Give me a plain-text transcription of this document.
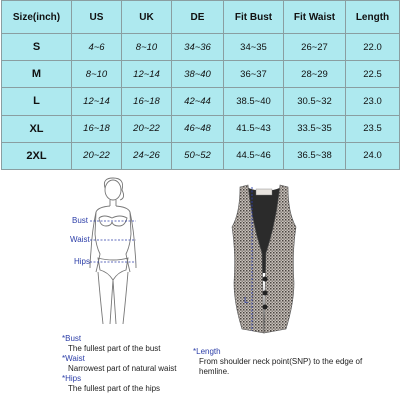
Size(inch)	US	UK	DE	Fit Bust	Fit Waist	Length
S	4~6	8~10	34~36	34~35	26~27	22.0
M	8~10	12~14	38~40	36~37	28~29	22.5
L	12~14	16~18	42~44	38.5~40	30.5~32	23.0
XL	16~18	20~22	46~48	41.5~43	33.5~35	23.5
2XL	20~22	24~26	50~52	44.5~46	36.5~38	24.0
Bust
Waist
Hips
L
*Bust
The fullest part of the bust
*Waist
Narrowest part of natural waist
*Hips
The fullest part of the hips
*Length
From shoulder neck point(SNP) to the edge of
hemline.
